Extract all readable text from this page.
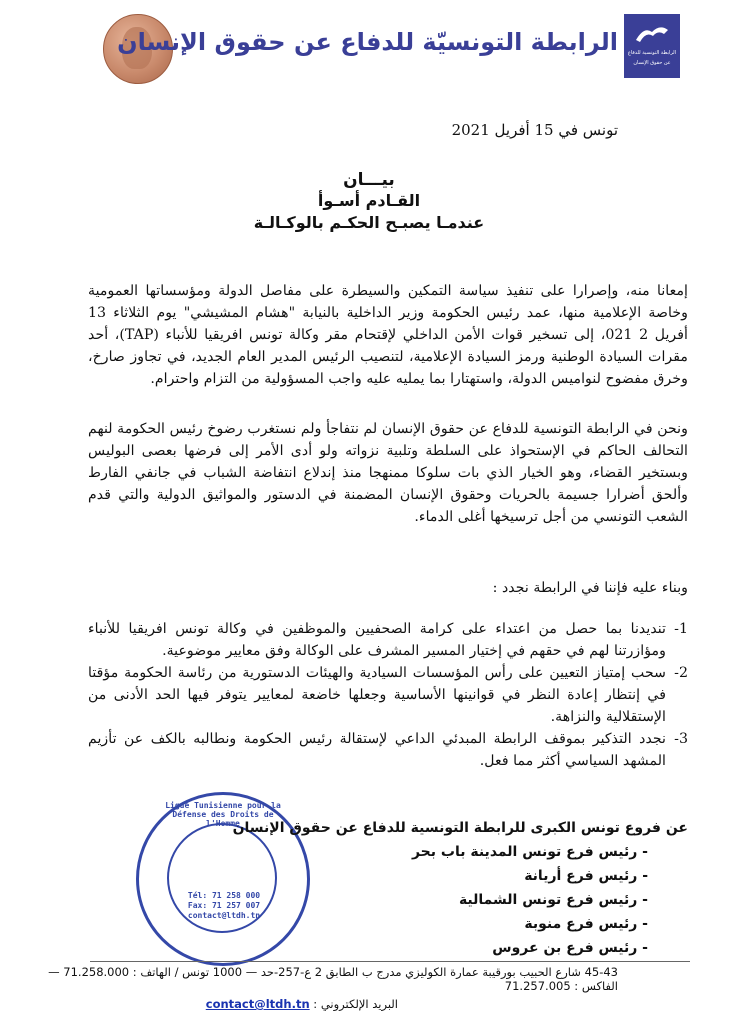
الرابطة التونسيّة للدفاع عن حقوق الإنسان	الرابطة التونسية للدفاع
عن حقوق الإنسان
تونس في 15 أفريل 2021
بيـــان
القـادم أسـوأ
عندمـا يصبـح الحكـم بالوكـالـة
إمعانا منه، وإصرارا على تنفيذ سياسة التمكين والسيطرة على مفاصل الدولة ومؤسساتها العمومية وخاصة الإعلامية منها، عمد رئيس الحكومة وزير الداخلية بالنيابة "هشام المشيشي" يوم الثلاثاء 13 أفريل 2 021، إلى تسخير قوات الأمن الداخلي لإقتحام مقر وكالة تونس افريقيا للأنباء (TAP)، أحد مقرات السيادة الوطنية ورمز السيادة الإعلامية، لتنصيب الرئيس المدير العام الجديد، في تجاوز صارخ، وخرق مفضوح لنواميس الدولة، واستهتارا بما يمليه عليه واجب المسؤولية من التزام واحترام.
ونحن في الرابطة التونسية للدفاع عن حقوق الإنسان لم نتفاجأ ولم نستغرب رضوخ رئيس الحكومة لنهم التحالف الحاكم في الإستحواذ على السلطة وتلبية نزواته ولو أدى الأمر إلى فرضها بعصى البوليس وبستخير القضاء، وهو الخيار الذي بات سلوكا ممنهجا منذ إندلاع انتفاضة الشباب في جانفي الفارط وألحق أضرارا جسيمة بالحريات وحقوق الإنسان المضمنة في الدستور والمواثيق الدولية والتي قدم الشعب التونسي من أجل ترسيخها أغلى الدماء.
وبناء عليه فإننا في الرابطة نجدد :
1-
تنديدنا بما حصل من اعتداء على كرامة الصحفيين والموظفين في وكالة تونس افريقيا للأنباء ومؤازرتنا لهم في حقهم في إختيار المسير المشرف على الوكالة وفق معايير موضوعية.
2-
سحب إمتياز التعيين على رأس المؤسسات السيادية والهيئات الدستورية من رئاسة الحكومة مؤقتا في إنتظار إعادة النظر في قوانينها الأساسية وجعلها خاضعة لمعايير يتوفر فيها الحد الأدنى من الإستقلالية والنزاهة.
3-
نجدد التذكير بموقف الرابطة المبدئي الداعي لإستقالة رئيس الحكومة ونطالبه بالكف عن تأزيم المشهد السياسي أكثر مما فعل.
Ligue Tunisienne pour la Défense des Droits de l'Homme
Tél: 71 258 000
Fax: 71 257 007
contact@ltdh.tn
عن فروع تونس الكبرى للرابطة التونسية للدفاع عن حقوق الإنسان
- رئيس فرع تونس المدينة باب بحر
- رئيس فرع أريانة
- رئيس فرع تونس الشمالية
- رئيس فرع منوبة
- رئيس فرع بن عروس
45-43 شارع الحبيب بورقيبة عمارة الكوليزي مدرج ب الطابق 2 ع-257-حد — 1000 تونس / الهاتف : 71.258.000 — الفاكس : 71.257.005
البريد الإلكتروني : contact@ltdh.tn
